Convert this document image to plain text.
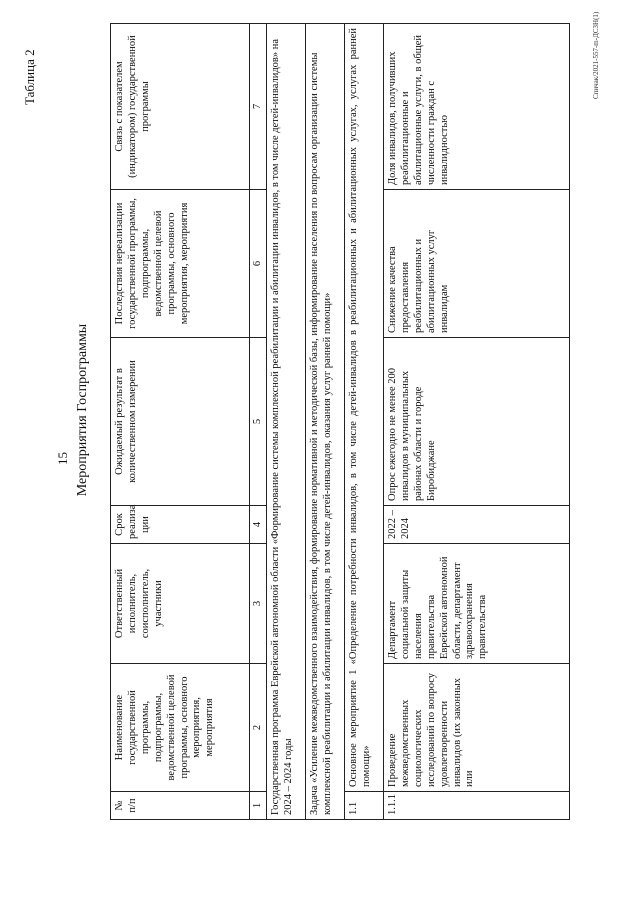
15
Таблица 2
Мероприятия Госпрограммы
№ п/п	Наименование государственной программы, подпрограммы, ведомственной целевой программы, основного мероприятия, мероприятия	Ответственный исполнитель, соисполнитель, участники	Срок реализа ции	Ожидаемый результат в количественном измерении	Последствия нереализации государственной программы, подпрограммы, ведомственной целевой программы, основного мероприятия, мероприятия	Связь с показателем (индикатором) государственной программы
1	2	3	4	5	6	7
Государственная программа Еврейской автономной области «Формирование системы комплексной реабилитации и абилитации инвалидов, в том числе детей-инвалидов» на 2024 – 2024 годы						
Задача «Усиление межведомственного взаимодействия, формирование нормативной и методической базы, информирование населения по вопросам организации системы комплексной реабилитации и абилитации инвалидов, в том числе детей-инвалидов, оказания услуг ранней помощи»						
1.1	Основное мероприятие 1 «Определение потребности инвалидов, в том числе детей-инвалидов в реабилитационных и абилитационных услугах, услугах ранней помощи»					
1.1.1	Проведение межведомственных социологических исследований по вопросу удовлетворенности инвалидов (их законных или	Департамент социальной защиты населения правительства Еврейской автономной области, департамент здравоохранения правительства	2022 – 2024	Опрос ежегодно не менее 200 инвалидов в муниципальных районах области и городе Биробиджане	Снижение качества предоставления реабилитационных и абилитационных услуг инвалидам	Доля инвалидов, получивших реабилитационные и абилитационные услуги, в общей численности граждан с инвалидностью
Спичак/2021-557-m-ДСЗН(1)
